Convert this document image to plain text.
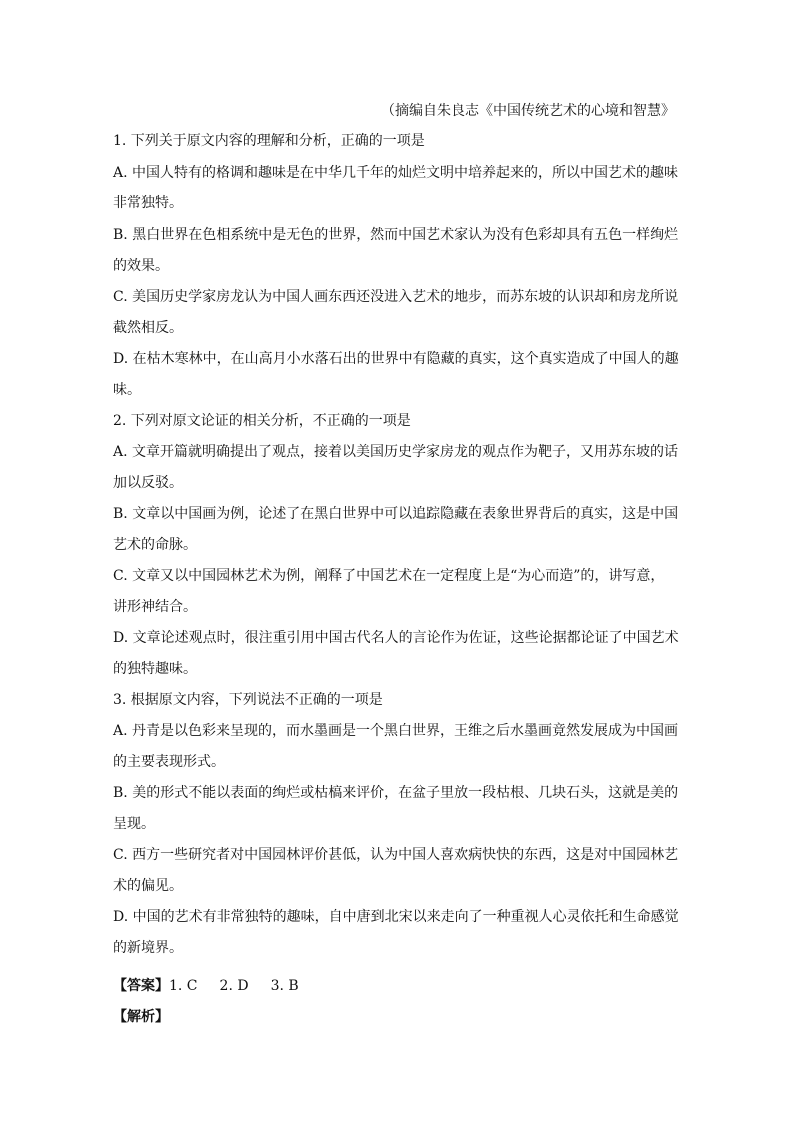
（摘编自朱良志《中国传统艺术的心境和智慧》
1. 下列关于原文内容的理解和分析，正确的一项是
A. 中国人特有的格调和趣味是在中华几千年的灿烂文明中培养起来的，所以中国艺术的趣味
非常独特。
B. 黑白世界在色相系统中是无色的世界，然而中国艺术家认为没有色彩却具有五色一样绚烂
的效果。
C. 美国历史学家房龙认为中国人画东西还没进入艺术的地步，而苏东坡的认识却和房龙所说
截然相反。
D. 在枯木寒林中，在山高月小水落石出的世界中有隐藏的真实，这个真实造成了中国人的趣
味。
2. 下列对原文论证的相关分析，不正确的一项是
A. 文章开篇就明确提出了观点，接着以美国历史学家房龙的观点作为靶子，又用苏东坡的话
加以反驳。
B. 文章以中国画为例，论述了在黑白世界中可以追踪隐藏在表象世界背后的真实，这是中国
艺术的命脉。
C. 文章又以中国园林艺术为例，阐释了中国艺术在一定程度上是“为心而造”的，讲写意，
讲形神结合。
D. 文章论述观点时，很注重引用中国古代名人的言论作为佐证，这些论据都论证了中国艺术
的独特趣味。
3. 根据原文内容，下列说法不正确的一项是
A. 丹青是以色彩来呈现的，而水墨画是一个黑白世界，王维之后水墨画竟然发展成为中国画
的主要表现形式。
B. 美的形式不能以表面的绚烂或枯槁来评价，在盆子里放一段枯根、几块石头，这就是美的
呈现。
C. 西方一些研究者对中国园林评价甚低，认为中国人喜欢病快快的东西，这是对中国园林艺
术的偏见。
D. 中国的艺术有非常独特的趣味，自中唐到北宋以来走向了一种重视人心灵依托和生命感觉
的新境界。
【答案】1. C 2. D 3. B
【解析】
